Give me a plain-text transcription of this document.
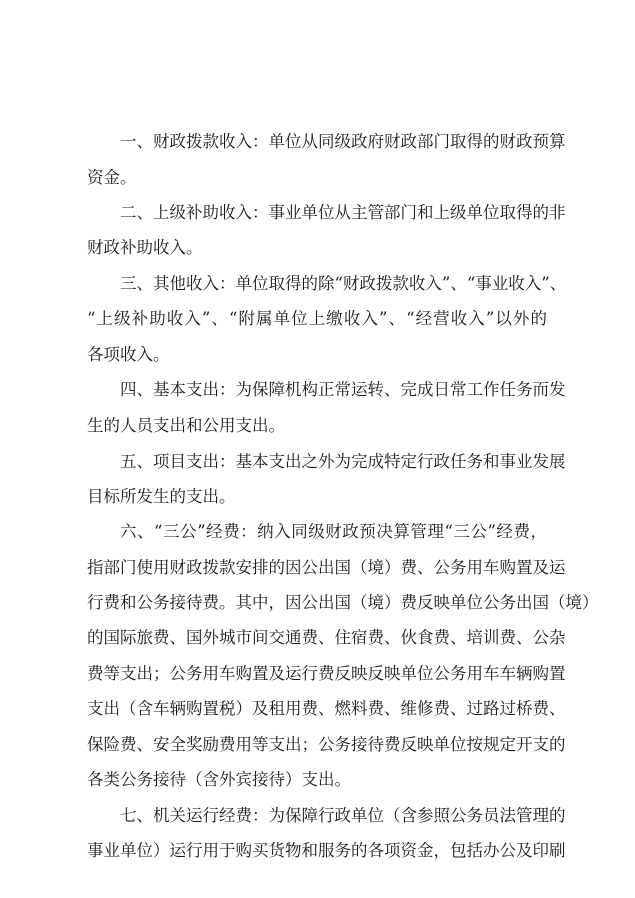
一、财政拨款收入：单位从同级政府财政部门取得的财政预算
资金。
二、上级补助收入：事业单位从主管部门和上级单位取得的非
财政补助收入。
三、其他收入：单位取得的除“财政拨款收入”、“事业收入”、
“上级补助收入”、“附属单位上缴收入”、“经营收入”以外的
各项收入。
四、基本支出：为保障机构正常运转、完成日常工作任务而发
生的人员支出和公用支出。
五、项目支出：基本支出之外为完成特定行政任务和事业发展
目标所发生的支出。
六、“三公”经费：纳入同级财政预决算管理“三公”经费，
指部门使用财政拨款安排的因公出国（境）费、公务用车购置及运
行费和公务接待费。其中，因公出国（境）费反映单位公务出国（境）
的国际旅费、国外城市间交通费、住宿费、伙食费、培训费、公杂
费等支出；公务用车购置及运行费反映反映单位公务用车车辆购置
支出（含车辆购置税）及租用费、燃料费、维修费、过路过桥费、
保险费、安全奖励费用等支出；公务接待费反映单位按规定开支的
各类公务接待（含外宾接待）支出。
七、机关运行经费：为保障行政单位（含参照公务员法管理的
事业单位）运行用于购买货物和服务的各项资金，包括办公及印刷
